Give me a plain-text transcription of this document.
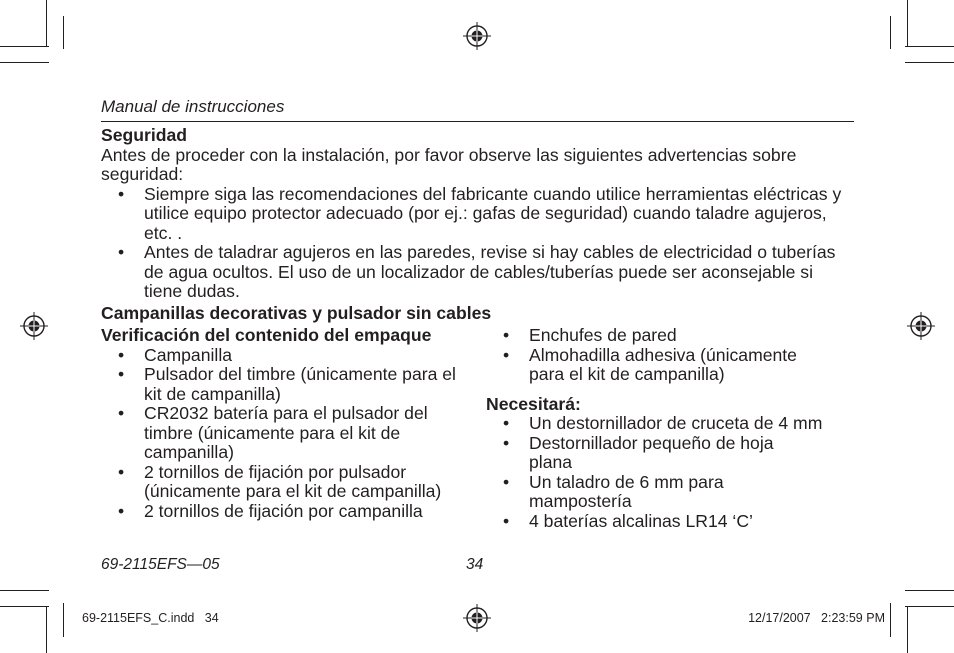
Manual de instrucciones
Seguridad
Antes de proceder con la instalación, por favor observe las siguientes advertencias sobre seguridad:
• Siempre siga las recomendaciones del fabricante cuando utilice herramientas eléctricas y utilice equipo protector adecuado (por ej.: gafas de seguridad) cuando taladre agujeros, etc. .
• Antes de taladrar agujeros en las paredes, revise si hay cables de electricidad o tuberías de agua ocultos. El uso de un localizador de cables/tuberías puede ser aconsejable si tiene dudas.
Campanillas decorativas y pulsador sin cables
Verificación del contenido del empaque
• Campanilla
• Pulsador del timbre (únicamente para el kit de campanilla)
• CR2032 batería para el pulsador del timbre (únicamente para el kit de campanilla)
• 2 tornillos de fijación por pulsador (únicamente para el kit de campanilla)
• 2 tornillos de fijación por campanilla
• Enchufes de pared
• Almohadilla adhesiva (únicamente para el kit de campanilla)
Necesitará:
• Un destornillador de cruceta de 4 mm
• Destornillador pequeño de hoja plana
• Un taladro de 6 mm para mampostería
• 4 baterías alcalinas LR14 ‘C’
69-2115EFS—05	34
69-2115EFS_C.indd   34	12/17/2007   2:23:59 PM
